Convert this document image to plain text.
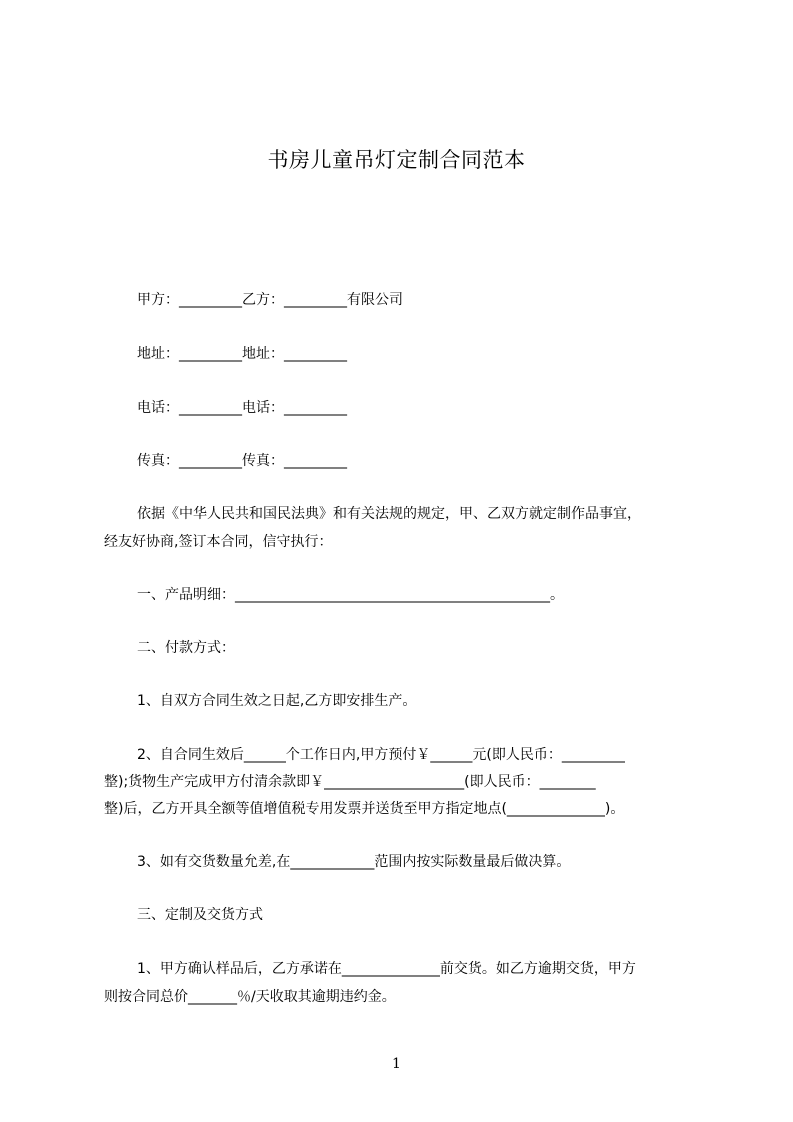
书房儿童吊灯定制合同范本
甲方：_________乙方：_________有限公司
地址：_________地址：_________
电话：_________电话：_________
传真：_________传真：_________
依据《中华人民共和国民法典》和有关法规的规定，甲、乙双方就定制作品事宜，
经友好协商,签订本合同，信守执行：
一、产品明细：_____________________________________________。
二、付款方式：
1、自双方合同生效之日起,乙方即安排生产。
2、自合同生效后______个工作日内,甲方预付￥______元(即人民币：_________
整);货物生产完成甲方付清余款即￥____________________(即人民币：________
整)后，乙方开具全额等值增值税专用发票并送货至甲方指定地点(______________)。
3、如有交货数量允差,在____________范围内按实际数量最后做决算。
三、定制及交货方式
1、甲方确认样品后，乙方承诺在______________前交货。如乙方逾期交货，甲方
则按合同总价_______％/天收取其逾期违约金。
1
